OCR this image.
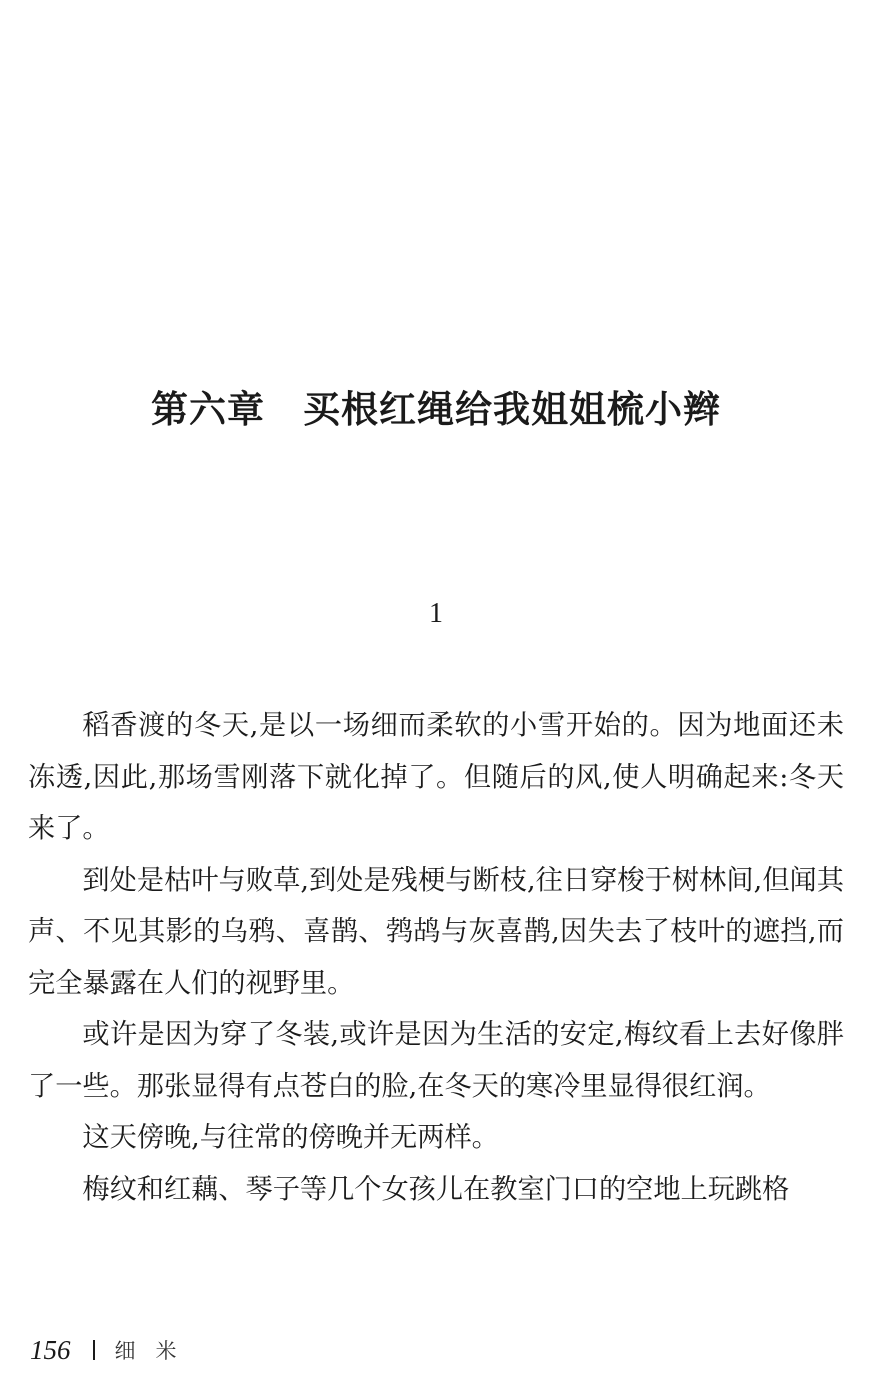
第六章　买根红绳给我姐姐梳小辫
1

稻香渡的冬天,是以一场细而柔软的小雪开始的。因为地面还未冻透,因此,那场雪刚落下就化掉了。但随后的风,使人明确起来:冬天来了。

到处是枯叶与败草,到处是残梗与断枝,往日穿梭于树林间,但闻其声、不见其影的乌鸦、喜鹊、鹁鸪与灰喜鹊,因失去了枝叶的遮挡,而完全暴露在人们的视野里。

或许是因为穿了冬装,或许是因为生活的安定,梅纹看上去好像胖了一些。那张显得有点苍白的脸,在冬天的寒冷里显得很红润。

这天傍晚,与往常的傍晚并无两样。

梅纹和红藕、琴子等几个女孩儿在教室门口的空地上玩跳格

156 细米
